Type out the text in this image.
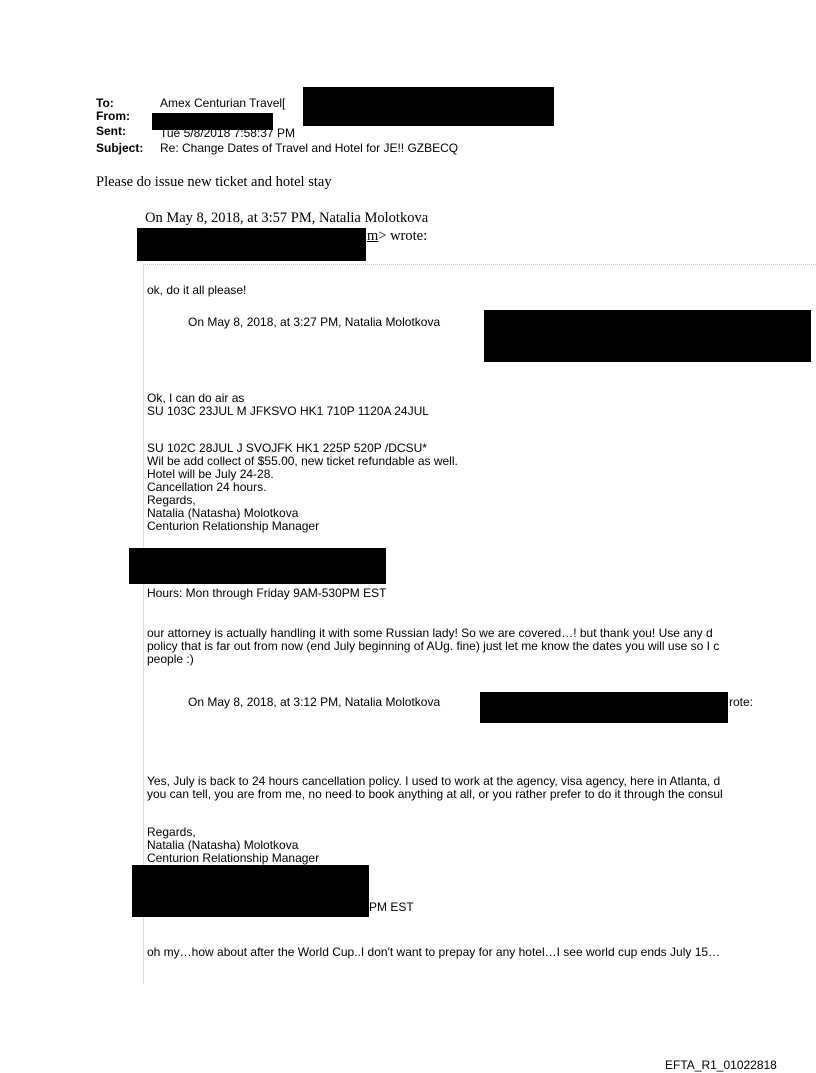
To:	Amex Centurian Travel[
From:
Sent:	Tue 5/8/2018 7:58:37 PM
Subject: Re: Change Dates of Travel and Hotel for JE!! GZBECQ
Please do issue new ticket and hotel stay
On May 8, 2018, at 3:57 PM, Natalia Molotkova
m> wrote:
ok, do it all please!
On May 8, 2018, at 3:27 PM, Natalia Molotkova
Ok, I can do air as
SU 103C 23JUL M JFKSVO HK1 710P 1120A 24JUL
SU 102C 28JUL J SVOJFK HK1 225P 520P /DCSU*
Wil be add collect of $55.00, new ticket refundable as well.
Hotel will be July 24-28.
Cancellation 24 hours.
Regards,
Natalia (Natasha) Molotkova
Centurion Relationship Manager
Hours: Mon through Friday 9AM-530PM EST
our attorney is actually handling it with some Russian lady! So we are covered…! but thank you! Use any d
policy that is far out from now (end July beginning of AUg. fine) just let me know the dates you will use so I c
people :)
On May 8, 2018, at 3:12 PM, Natalia Molotkova	rote:
Yes, July is back to 24 hours cancellation policy. I used to work at the agency, visa agency, here in Atlanta, d
you can tell, you are from me, no need to book anything at all, or you rather prefer to do it through the consul
Regards,
Natalia (Natasha) Molotkova
Centurion Relationship Manager
PM EST
oh my…how about after the World Cup..I don't want to prepay for any hotel…I see world cup ends July 15…
EFTA_R1_01022818
